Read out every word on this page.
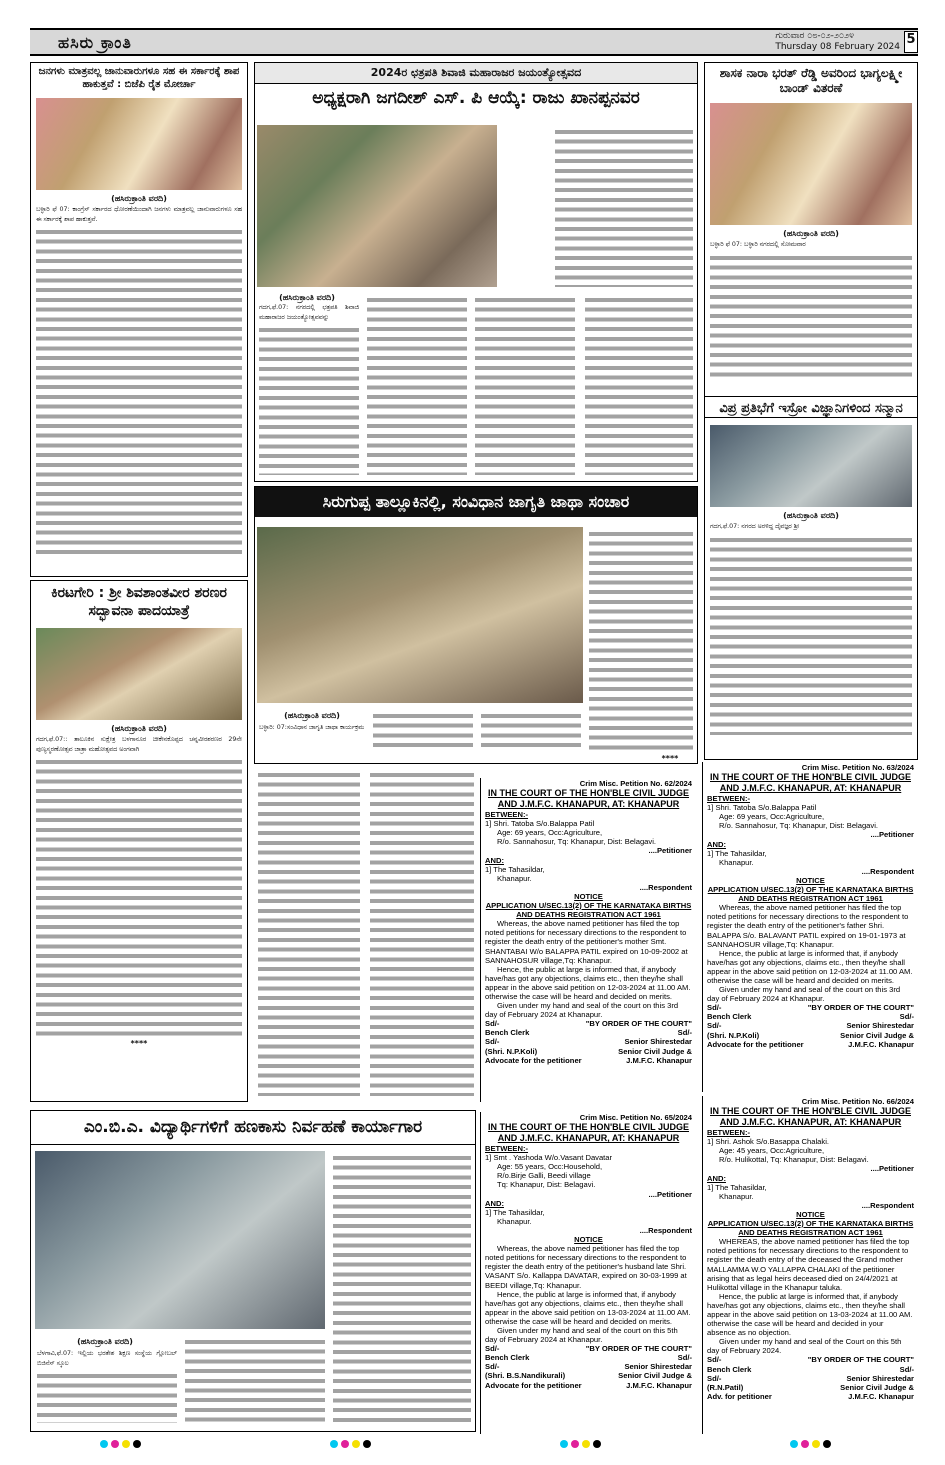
ಹಸಿರು ಕ್ರಾಂತಿ	ಗುರುವಾರ ೦೮-೦೨-೨೦೨೪
Thursday 08 February 2024 5
ಜನಗಳು ಮಾತ್ರವಲ್ಲ ಜಾನುವಾರುಗಳೂ ಸಹ ಈ ಸರ್ಕಾರಕ್ಕೆ ಶಾಪ ಹಾಕುತ್ತವೆ : ಬಿಜೆಪಿ ರೈತ ಮೋರ್ಚಾ
(ಹಸಿರುಕ್ರಾಂತಿ ವರದಿ)
ಬಳ್ಳಾರಿ ಫೆ 07: ಕಾಂಗ್ರೆಸ್ ಸರ್ಕಾರದ ಧೋರಣೆಯಿಂದಾಗಿ ಜನಗಳು ಮಾತ್ರವಲ್ಲ ಜಾನುವಾರುಗಳೂ ಸಹ ಈ ಸರ್ಕಾರಕ್ಕೆ ಶಾಪ ಹಾಕುತ್ತವೆ.
ಕಿರಟಗೇರಿ : ಶ್ರೀ ಶಿವಶಾಂತವೀರ ಶರಣರ ಸದ್ಭಾವನಾ ಪಾದಯಾತ್ರೆ
(ಹಸಿರುಕ್ರಾಂತಿ ವರದಿ)
ಗದಗ,ಫೆ.07:: ತಾಲೂಕಿನ ಸುಕ್ಷೇತ್ರ ಬಳಗಾನೂರ ಚೀಕೇನಕೊಪ್ಪದ ಚನ್ನವೀರಶರಣರ 29ನೇ ಪುಣ್ಯಸ್ಮರಣೋತ್ಸವ ಜಾತ್ರಾ ಮಹೋತ್ಸವದ ಅಂಗವಾಗಿ
****
2024ರ ಛತ್ರಪತಿ ಶಿವಾಜಿ ಮಹಾರಾಜರ ಜಯಂತ್ಯೋತ್ಸವದ
ಅಧ್ಯಕ್ಷರಾಗಿ ಜಗದೀಶ್ ಎಸ್. ಪಿ ಆಯ್ಕೆ: ರಾಜು ಖಾನಪ್ಪನವರ
(ಹಸಿರುಕ್ರಾಂತಿ ವರದಿ)
ಗದಗ,ಫೆ.07: ನಗರದಲ್ಲಿ ಛತ್ರಪತಿ ಶಿವಾಜಿ ಮಹಾರಾಜರ ಜಯಂತ್ಯೋತ್ಸವವನ್ನು
ಸಿರುಗುಪ್ಪ ತಾಲ್ಲೂಕಿನಲ್ಲಿ, ಸಂವಿಧಾನ ಜಾಗೃತಿ ಜಾಥಾ ಸಂಚಾರ
(ಹಸಿರುಕ್ರಾಂತಿ ವರದಿ)
ಬಳ್ಳಾರಿ: 07:ಸಂವಿಧಾನ ಜಾಗೃತಿ ಜಾಥಾ ಕಾರ್ಯಕ್ರಮ
****
ಶಾಸಕ ನಾರಾ ಭರತ್ ರೆಡ್ಡಿ ಅವರಿಂದ ಭಾಗ್ಯಲಕ್ಷ್ಮೀ ಬಾಂಡ್ ವಿತರಣೆ
(ಹಸಿರುಕ್ರಾಂತಿ ವರದಿ)
ಬಳ್ಳಾರಿ ಫೆ 07: ಬಳ್ಳಾರಿ ನಗರದಲ್ಲಿ ಸೋಮವಾರ
ವಿಪ್ರ ಪ್ರತಿಭೆಗೆ ಇಸ್ರೋ ವಿಜ್ಞಾನಿಗಳಿಂದ ಸನ್ಮಾನ
(ಹಸಿರುಕ್ರಾಂತಿ ವರದಿ)
ಗದಗ,ಫೆ.07: ನಗರದ ಅರಳಿದ್ದ ದೈವಜ್ಞರ ಶ್ರೀ

Crim Misc. Petition No. 62/2024

IN THE COURT OF THE HON'BLE CIVIL JUDGE AND J.M.F.C. KHANAPUR, AT: KHANAPUR

BETWEEN:-

1] Shri. Tatoba S/o.Balappa Patil

Age: 69 years, Occ:Agriculture,

R/o. Sannahosur, Tq: Khanapur, Dist: Belagavi.

....Petitioner

AND:

1] The Tahasildar,

Khanapur.

....Respondent

NOTICE

APPLICATION U/SEC.13(2) OF THE KARNATAKA BIRTHS AND DEATHS REGISTRATION ACT 1961

Whereas, the above named petitioner has filed the top noted petitions for necessary directions to the respondent to register the death entry of the petitioner's mother Smt. SHANTABAI W/o BALAPPA PATIL expired on 10-09-2002 at SANNAHOSUR village,Tq: Khanapur.

Hence, the public at large is informed that, if anybody have/has got any objections, claims etc., then they/he shall appear in the above said petition on 12-03-2024 at 11.00 AM. otherwise the case will be heard and decided on merits.

Given under my hand and seal of the court on this 3rd day of February 2024 at Khanapur.

Sd/-	"BY ORDER OF THE COURT"
Bench Clerk	Sd/-
Sd/-	Senior Shirestedar
(Shri. N.P.Koli)	Senior Civil Judge &
Advocate for the petitioner	J.M.F.C. Khanapur

Crim Misc. Petition No. 63/2024

IN THE COURT OF THE HON'BLE CIVIL JUDGE AND J.M.F.C. KHANAPUR, AT: KHANAPUR

BETWEEN:-

1] Shri. Tatoba S/o.Balappa Patil

Age: 69 years, Occ:Agriculture,

R/o. Sannahosur, Tq: Khanapur, Dist: Belagavi.

....Petitioner

AND:

1] The Tahasildar,

Khanapur.

....Respondent

NOTICE

APPLICATION U/SEC.13(2) OF THE KARNATAKA BIRTHS AND DEATHS REGISTRATION ACT 1961

Whereas, the above named petitioner has filed the top noted petitions for necessary directions to the respondent to register the death entry of the petitioner's father Shri. BALAPPA S/o. BALAVANT PATIL expired on 19-01-1973 at SANNAHOSUR village,Tq: Khanapur.

Hence, the public at large is informed that, if anybody have/has got any objections, claims etc., then they/he shall appear in the above said petition on 12-03-2024 at 11.00 AM. otherwise the case will be heard and decided on merits.

Given under my hand and seal of the court on this 3rd day of February 2024 at Khanapur.

Sd/-	"BY ORDER OF THE COURT"
Bench Clerk	Sd/-
Sd/-	Senior Shirestedar
(Shri. N.P.Koli)	Senior Civil Judge &
Advocate for the petitioner	J.M.F.C. Khanapur
ಎಂ.ಬಿ.ಎ. ವಿದ್ಯಾರ್ಥಿಗಳಿಗೆ ಹಣಕಾಸು ನಿರ್ವಹಣೆ ಕಾರ್ಯಾಗಾರ
(ಹಸಿರುಕ್ರಾಂತಿ ವರದಿ)
ಬೆಳಗಾವಿ,ಫೆ.07: ಇಲ್ಲಿಯ ಭರತೇಶ ಶಿಕ್ಷಣ ಸಂಸ್ಥೆಯ ಗ್ಲೋಬಲ್ ಬಿಜಿನೆಸ್ ಸ್ಕೂಲ

Crim Misc. Petition No. 65/2024

IN THE COURT OF THE HON'BLE CIVIL JUDGE AND J.M.F.C. KHANAPUR, AT: KHANAPUR

BETWEEN:-

1] Smt . Yashoda W/o.Vasant Davatar

Age: 55 years, Occ:Household,

R/o.Birje Galli, Beedi village

Tq: Khanapur, Dist: Belagavi.

....Petitioner

AND:

1] The Tahasildar,

Khanapur.

....Respondent

NOTICE

Whereas, the above named petitioner has filed the top noted petitions for necessary directions to the respondent to register the death entry of the petitioner's husband late Shri. VASANT S/o. Kallappa DAVATAR, expired on 30-03-1999 at BEEDI village,Tq: Khanapur.

Hence, the public at large is informed that, if anybody have/has got any objections, claims etc., then they/he shall appear in the above said petition on 13-03-2024 at 11.00 AM. otherwise the case will be heard and decided on merits.

Given under my hand and seal of the court on this 5th day of February 2024 at Khanapur.

Sd/-	"BY ORDER OF THE COURT"
Bench Clerk	Sd/-
Sd/-	Senior Shirestedar
(Shri. B.S.Nandikurali)	Senior Civil Judge &
Advocate for the petitioner	J.M.F.C. Khanapur

Crim Misc. Petition No. 66/2024

IN THE COURT OF THE HON'BLE CIVIL JUDGE AND J.M.F.C. KHANAPUR, AT: KHANAPUR

BETWEEN:-

1] Shri. Ashok S/o.Basappa Chalaki.

Age: 45 years, Occ:Agriculture,

R/o. Hulikottal, Tq: Khanapur, Dist: Belagavi.

....Petitioner

AND:

1] The Tahasildar,

Khanapur.

....Respondent

NOTICE

APPLICATION U/SEC.13(2) OF THE KARNATAKA BIRTHS AND DEATHS REGISTRATION ACT 1961

WHEREAS, the above named petitioner has filed the top noted petitions for necessary directions to the respondent to register the death entry of the deceased the Grand mother MALLAMMA W.O YALLAPPA CHALAKI of the petitioner arising that as legal heirs deceased died on 24/4/2021 at Hulikottal village in the Khanapur taluka.

Hence, the public at large is informed that, if anybody have/has got any objections, claims etc., then they/he shall appear in the above said petition on 13-03-2024 at 11.00 AM. otherwise the case will be heard and decided in your absence as no objection.

Given under my hand and seal of the Court on this 5th day of February 2024.

Sd/-	"BY ORDER OF THE COURT"
Bench Clerk	Sd/-
Sd/-	Senior Shirestedar
(R.N.Patil)	Senior Civil Judge &
Adv. for petitioner	J.M.F.C. Khanapur
